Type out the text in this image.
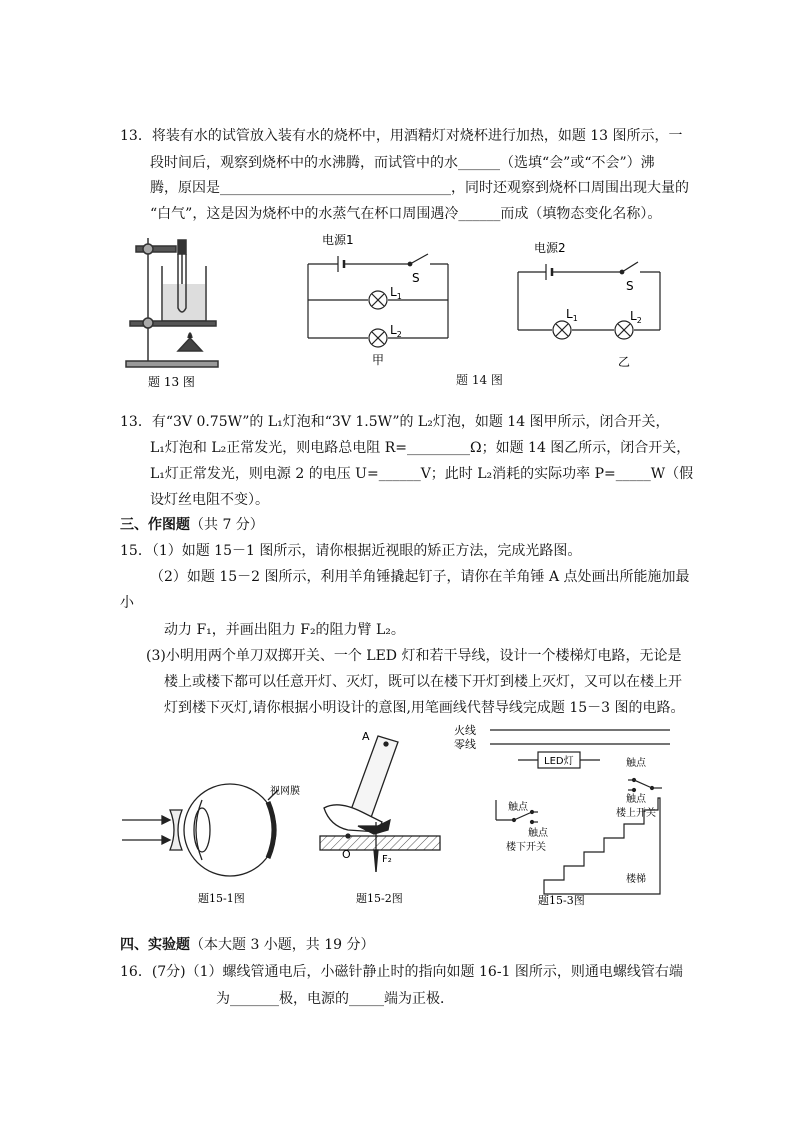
13．将装有水的试管放入装有水的烧杯中，用酒精灯对烧杯进行加热，如题 13 图所示，一
段时间后，观察到烧杯中的水沸腾，而试管中的水______（选填“会”或“不会”）沸
腾，原因是_________________________________，同时还观察到烧杯口周围出现大量的
“白气”，这是因为烧杯中的水蒸气在杯口周围遇冷______而成（填物态变化名称）。
题 13 图
电源1
S
$L_1$
$L_2$
甲
题 14 图
电源2
S
$L_1$	$L_2$
乙
13．有“3V 0.75W”的 L₁灯泡和“3V 1.5W”的 L₂灯泡，如题 14 图甲所示，闭合开关，
L₁灯泡和 L₂正常发光，则电路总电阻 R=_________Ω；如题 14 图乙所示，闭合开关，
L₁灯正常发光，则电源 2 的电压 U=______V；此时 L₂消耗的实际功率 P=_____W（假
设灯丝电阻不变）。
三、作图题（共 7 分）
15．（1）如题 15－1 图所示，请你根据近视眼的矫正方法，完成光路图。
（2）如题 15－2 图所示，利用羊角锤撬起钉子，请你在羊角锤 A 点处画出所能施加最
小
动力 F₁，并画出阻力 F₂的阻力臂 L₂。
(3)小明用两个单刀双掷开关、一个 LED 灯和若干导线，设计一个楼梯灯电路，无论是
楼上或楼下都可以任意开灯、灭灯，既可以在楼下开灯到楼上灭灯，又可以在楼上开
灯到楼下灭灯,请你根据小明设计的意图,用笔画线代替导线完成题 15－3 图的电路。
视网膜
题15-1图
A
O	F₂
题15-2图
火线
零线
LED灯	触点
触点
楼上开关
触点
触点
楼下开关
楼梯
题15-3图
四、实验题（本大题 3 小题，共 19 分）
16．(7分)（1）螺线管通电后，小磁针静止时的指向如题 16-1 图所示，则通电螺线管右端
为_______极，电源的_____端为正极．
